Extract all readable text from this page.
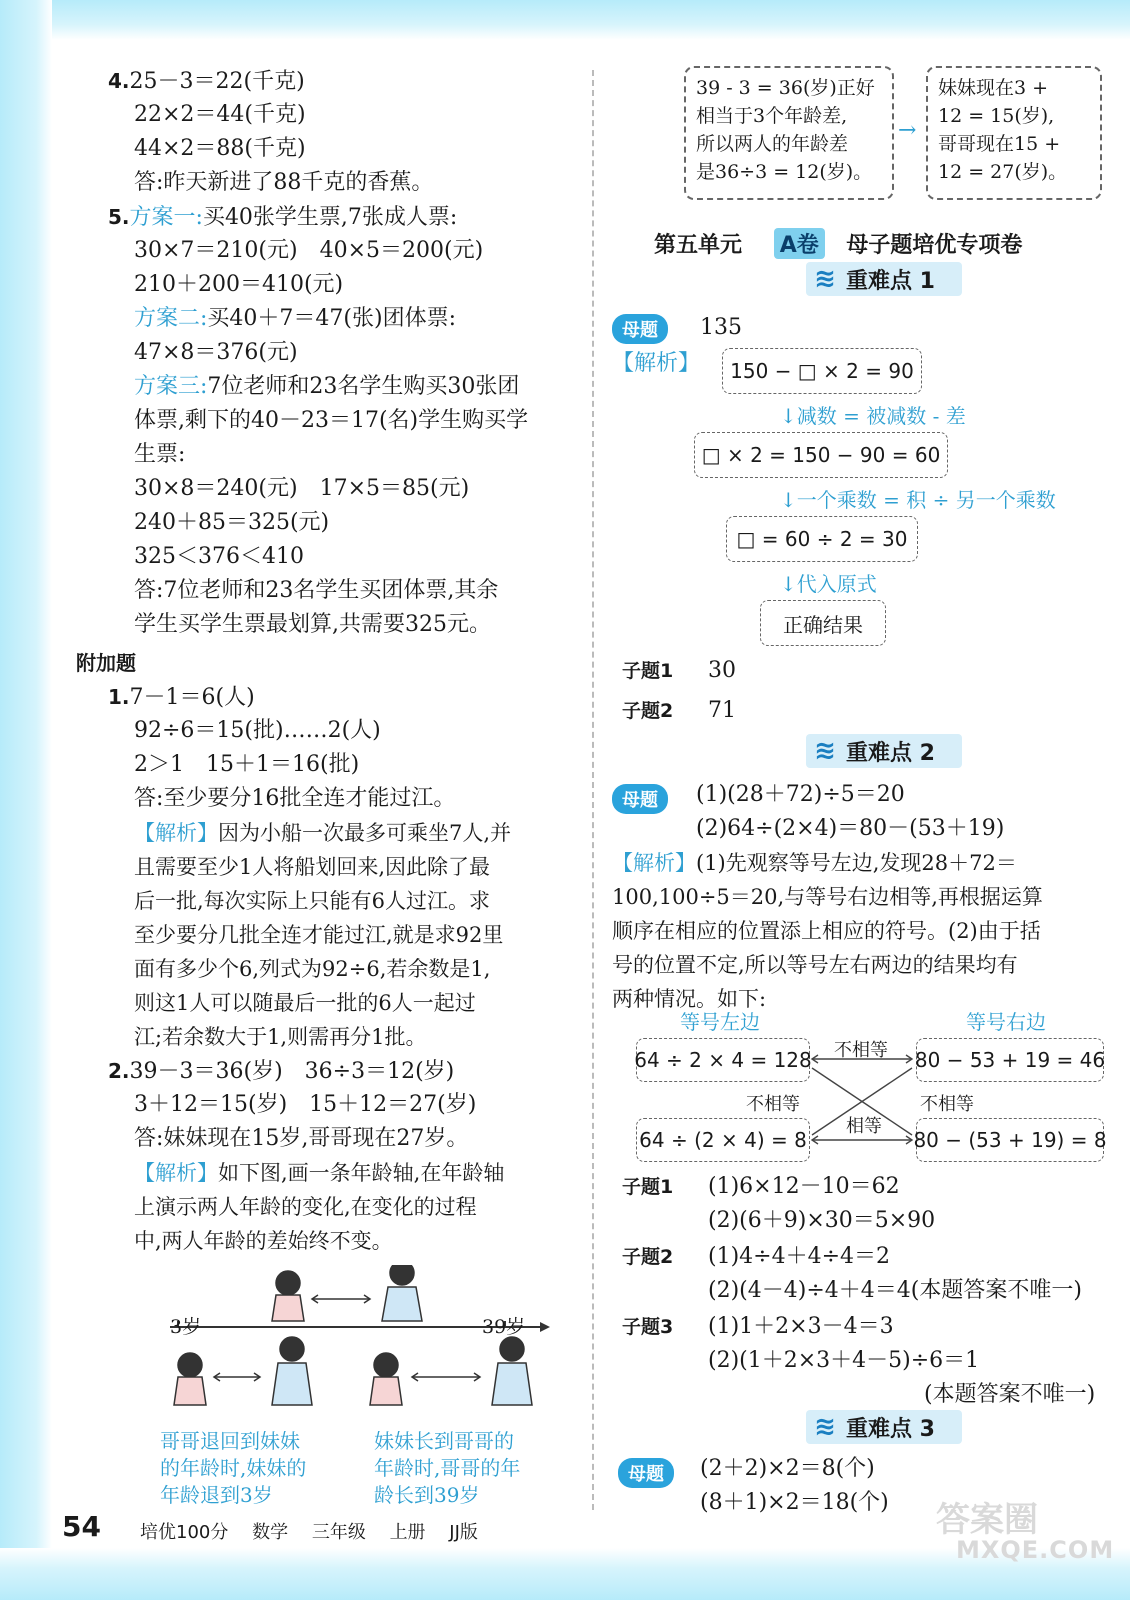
4.25－3＝22(千克)
22×2＝44(千克)
44×2＝88(千克)
答:昨天新进了88千克的香蕉。
5.方案一:买40张学生票,7张成人票:
30×7＝210(元)　40×5＝200(元)
210＋200＝410(元)
方案二:买40＋7＝47(张)团体票:
47×8＝376(元)
方案三:7位老师和23名学生购买30张团
体票,剩下的40－23＝17(名)学生购买学
生票:
30×8＝240(元)　17×5＝85(元)
240＋85＝325(元)
325＜376＜410
答:7位老师和23名学生买团体票,其余
学生买学生票最划算,共需要325元。
附加题
1.7－1＝6(人)
92÷6＝15(批)……2(人)
2＞1　15＋1＝16(批)
答:至少要分16批全连才能过江。
【解析】因为小船一次最多可乘坐7人,并
且需要至少1人将船划回来,因此除了最
后一批,每次实际上只能有6人过江。求
至少要分几批全连才能过江,就是求92里
面有多少个6,列式为92÷6,若余数是1,
则这1人可以随最后一批的6人一起过
江;若余数大于1,则需再分1批。
2.39－3＝36(岁)　36÷3＝12(岁)
3＋12＝15(岁)　15＋12＝27(岁)
答:妹妹现在15岁,哥哥现在27岁。
【解析】如下图,画一条年龄轴,在年龄轴
上演示两人年龄的变化,在变化的过程
中,两人年龄的差始终不变。
3岁	39岁
哥哥退回到妹妹
的年龄时,妹妹的
年龄退到3岁
妹妹长到哥哥的
年龄时,哥哥的年
龄长到39岁
39 - 3 = 36(岁)正好
相当于3个年龄差,
所以两人的年龄差
是36÷3 = 12(岁)。
→
妹妹现在3 +
12 = 15(岁),
哥哥现在15 +
12 = 27(岁)。
第五单元 A卷 母子题培优专项卷
≋ 重难点 1
母题	135
【解析】 150 − □ × 2 = 90
↓减数 = 被减数 - 差
□ × 2 = 150 − 90 = 60
↓一个乘数 = 积 ÷ 另一个乘数
□ = 60 ÷ 2 = 30
↓代入原式
正确结果
子题1 30
子题2 71
≋ 重难点 2
母题	(1)(28＋72)÷5＝20
(2)64÷(2×4)＝80－(53＋19)
【解析】(1)先观察等号左边,发现28＋72＝
100,100÷5＝20,与等号右边相等,再根据运算
顺序在相应的位置添上相应的符号。(2)由于括
号的位置不定,所以等号左右两边的结果均有
两种情况。如下:
等号左边	等号右边
64 ÷ 2 × 4 = 128	80 − 53 + 19 = 46
64 ÷ (2 × 4) = 8	80 − (53 + 19) = 8
不相等
不相等	不相等
相等
子题1 (1)6×12－10＝62
(2)(6＋9)×30＝5×90
子题2 (1)4÷4＋4÷4＝2
(2)(4－4)÷4＋4＝4(本题答案不唯一)
子题3 (1)1＋2×3－4＝3
(2)(1＋2×3＋4－5)÷6＝1
(本题答案不唯一)
≋ 重难点 3
母题	(2＋2)×2＝8(个)
(8＋1)×2＝18(个)
54 培优100分 数学 三年级 上册 JJ版	答案圈
MXQE.COM
